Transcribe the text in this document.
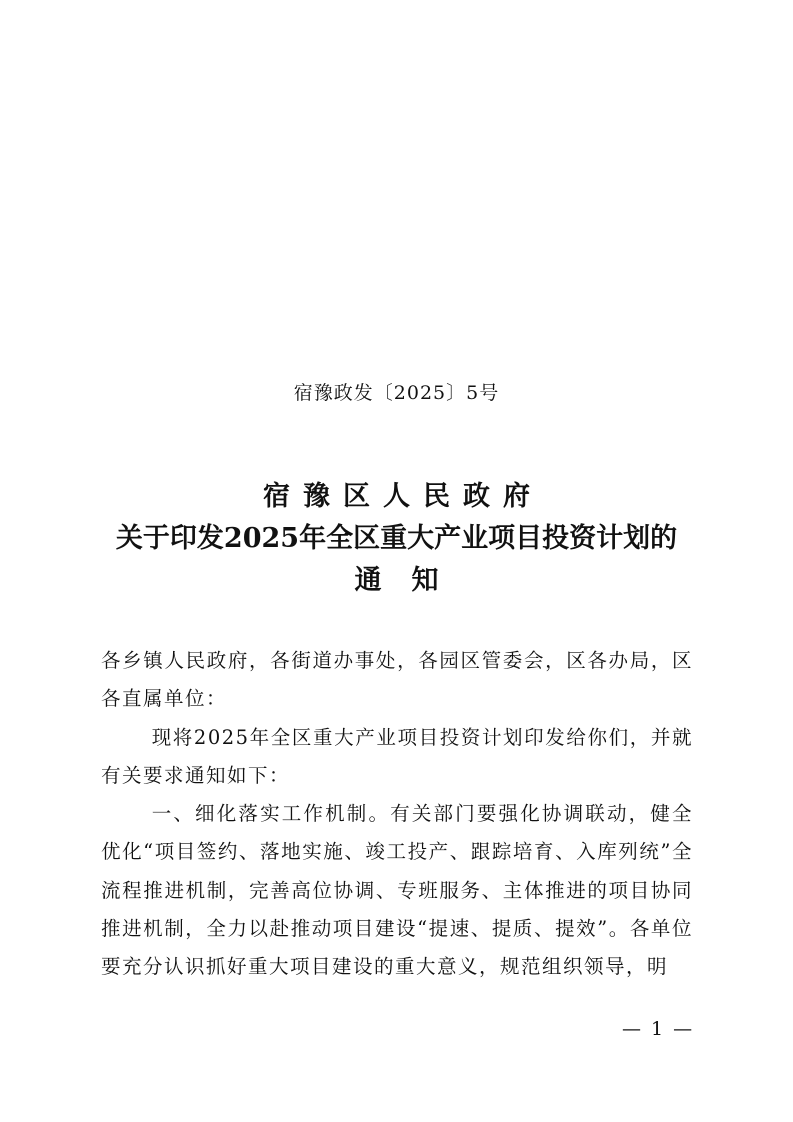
宿豫政发〔2025〕5号
宿豫区人民政府
关于印发2025年全区重大产业项目投资计划的
通知

各乡镇人民政府，各街道办事处，各园区管委会，区各办局，区各直属单位：

现将2025年全区重大产业项目投资计划印发给你们，并就有关要求通知如下：

一、细化落实工作机制。有关部门要强化协调联动，健全优化“项目签约、落地实施、竣工投产、跟踪培育、入库列统”全流程推进机制，完善高位协调、专班服务、主体推进的项目协同推进机制，全力以赴推动项目建设“提速、提质、提效”。各单位要充分认识抓好重大项目建设的重大意义，规范组织领导，明

— 1 —
